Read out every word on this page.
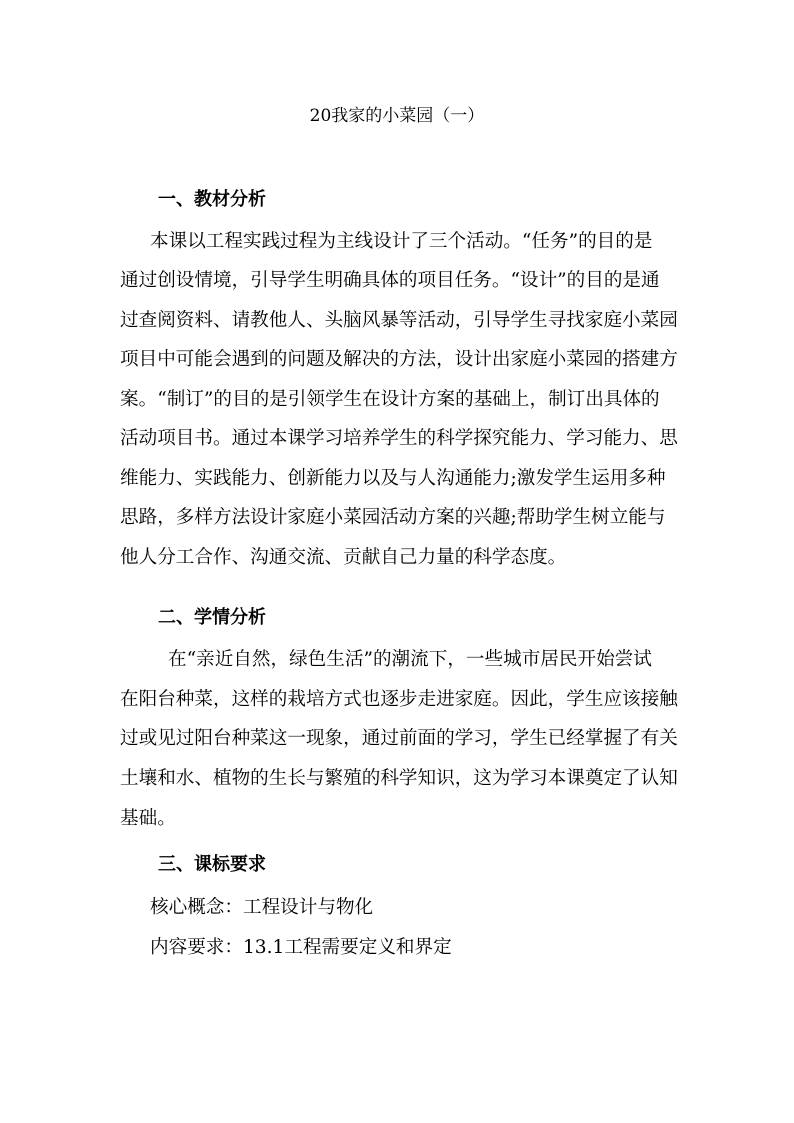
20我家的小菜园（一）
一、教材分析
本课以工程实践过程为主线设计了三个活动。“任务”的目的是
通过创设情境，引导学生明确具体的项目任务。“设计”的目的是通
过查阅资料、请教他人、头脑风暴等活动，引导学生寻找家庭小菜园
项目中可能会遇到的问题及解决的方法，设计出家庭小菜园的搭建方
案。“制订”的目的是引领学生在设计方案的基础上，制订出具体的
活动项目书。通过本课学习培养学生的科学探究能力、学习能力、思
维能力、实践能力、创新能力以及与人沟通能力;激发学生运用多种
思路，多样方法设计家庭小菜园活动方案的兴趣;帮助学生树立能与
他人分工合作、沟通交流、贡献自己力量的科学态度。
二、学情分析
在“亲近自然，绿色生活”的潮流下，一些城市居民开始尝试
在阳台种菜，这样的栽培方式也逐步走进家庭。因此，学生应该接触
过或见过阳台种菜这一现象，通过前面的学习，学生已经掌握了有关
土壤和水、植物的生长与繁殖的科学知识，这为学习本课奠定了认知
基础。
三、课标要求
核心概念：工程设计与物化
内容要求：13.1工程需要定义和界定
